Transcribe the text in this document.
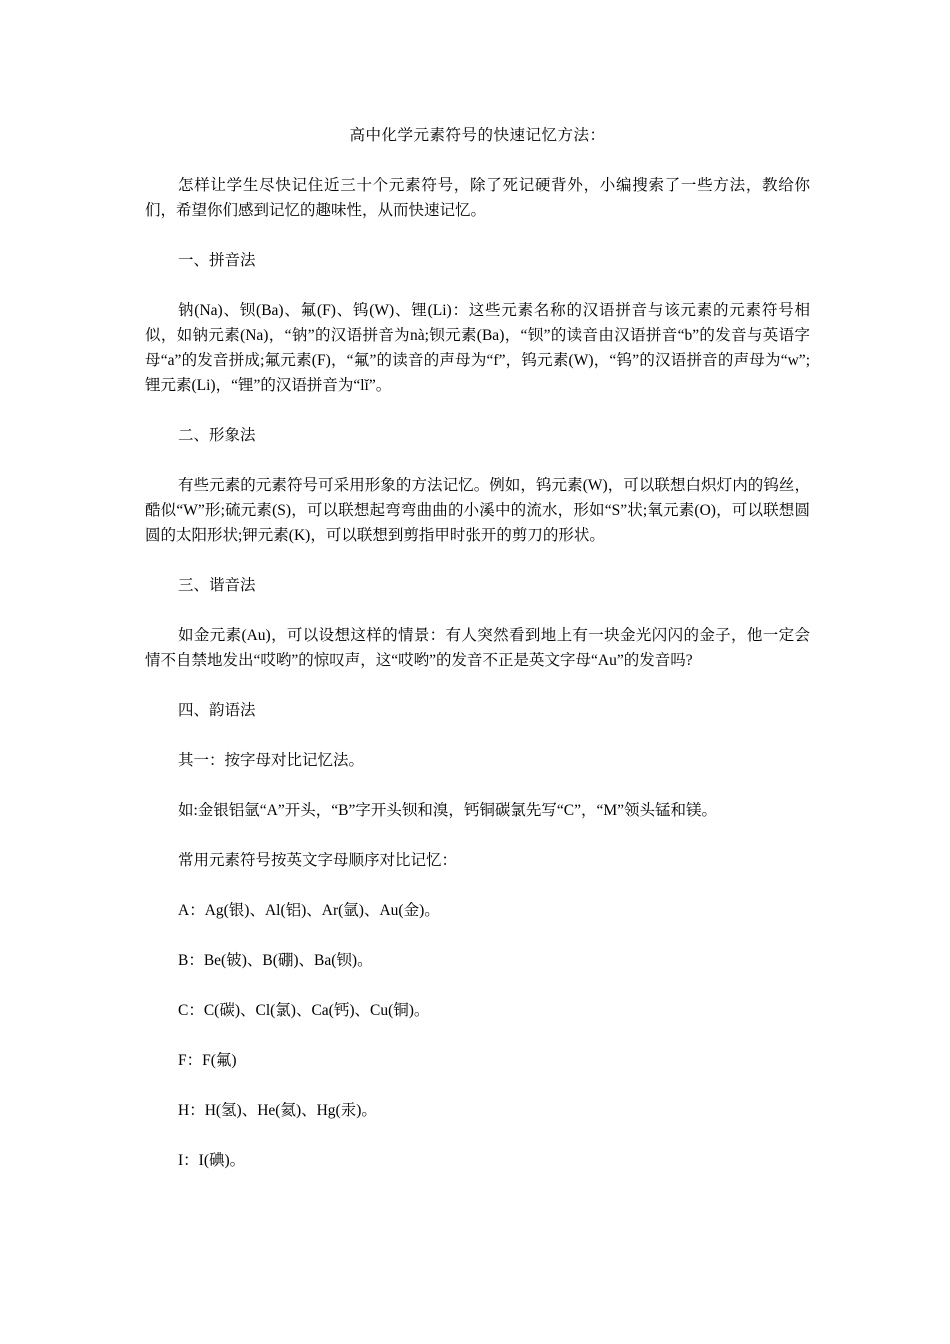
高中化学元素符号的快速记忆方法：
怎样让学生尽快记住近三十个元素符号，除了死记硬背外，小编搜索了一些方法，教给你们，希望你们感到记忆的趣味性，从而快速记忆。
一、拼音法
钠(Na)、钡(Ba)、氟(F)、钨(W)、锂(Li)：这些元素名称的汉语拼音与该元素的元素符号相似，如钠元素(Na)，“钠”的汉语拼音为nà;钡元素(Ba)，“钡”的读音由汉语拼音“b”的发音与英语字母“a”的发音拼成;氟元素(F)，“氟”的读音的声母为“f”，钨元素(W)，“钨”的汉语拼音的声母为“w”;锂元素(Li)，“锂”的汉语拼音为“lǐ”。
二、形象法
有些元素的元素符号可采用形象的方法记忆。例如，钨元素(W)，可以联想白炽灯内的钨丝，酷似“W”形;硫元素(S)，可以联想起弯弯曲曲的小溪中的流水，形如“S”状;氧元素(O)，可以联想圆圆的太阳形状;钾元素(K)，可以联想到剪指甲时张开的剪刀的形状。
三、谐音法
如金元素(Au)，可以设想这样的情景：有人突然看到地上有一块金光闪闪的金子，他一定会情不自禁地发出“哎哟”的惊叹声，这“哎哟”的发音不正是英文字母“Au”的发音吗?
四、韵语法
其一：按字母对比记忆法。
如:金银铝氩“A”开头，“B”字开头钡和溴，钙铜碳氯先写“C”，“M”领头锰和镁。
常用元素符号按英文字母顺序对比记忆：
A：Ag(银)、Al(铝)、Ar(氩)、Au(金)。
B：Be(铍)、B(硼)、Ba(钡)。
C：C(碳)、Cl(氯)、Ca(钙)、Cu(铜)。
F：F(氟)
H：H(氢)、He(氦)、Hg(汞)。
I：I(碘)。
